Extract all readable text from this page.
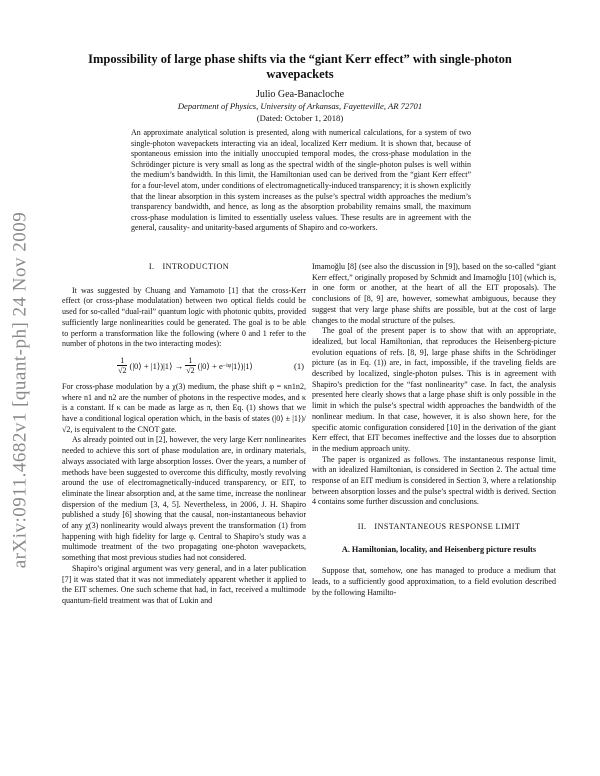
arXiv:0911.4682v1 [quant-ph] 24 Nov 2009
Impossibility of large phase shifts via the “giant Kerr effect” with single-photon wavepackets
Julio Gea-Banacloche
Department of Physics, University of Arkansas, Fayetteville, AR 72701
(Dated: October 1, 2018)

An approximate analytical solution is presented, along with numerical calculations, for a system of two single-photon wavepackets interacting via an ideal, localized Kerr medium. It is shown that, because of spontaneous emission into the initially unoccupied temporal modes, the cross-phase modulation in the Schrödinger picture is very small as long as the spectral width of the single-photon pulses is well within the medium’s bandwidth. In this limit, the Hamiltonian used can be derived from the “giant Kerr effect” for a four-level atom, under conditions of electromagnetically-induced transparency; it is shown explicitly that the linear absorption in this system increases as the pulse’s spectral width approaches the medium’s transparency bandwidth, and hence, as long as the absorption probability remains small, the maximum cross-phase modulation is limited to essentially useless values. These results are in agreement with the general, causality- and unitarity-based arguments of Shapiro and co-workers.

I. INTRODUCTION

It was suggested by Chuang and Yamamoto [1] that the cross-Kerr effect (or cross-phase modulatation) between two optical fields could be used for so-called “dual-rail” quantum logic with photonic qubits, provided sufficiently large nonlinearities could be generated. The goal is to be able to perform a transformation like the following (where 0 and 1 refer to the number of photons in the two interacting modes):

$\frac{1}{√2}$ (|0⟩ + |1⟩)|1⟩ → $\frac{1}{√2}$ (|0⟩ + e −iφ |1⟩)|1⟩	(1)

For cross-phase modulation by a χ(3) medium, the phase shift φ = κn1n2, where n1 and n2 are the number of photons in the respective modes, and κ is a constant. If κ can be made as large as π, then Eq. (1) shows that we have a conditional logical operation which, in the basis of states (|0⟩ ± |1⟩)/√2, is equivalent to the CNOT gate.

As already pointed out in [2], however, the very large Kerr nonlinearites needed to achieve this sort of phase modulation are, in ordinary materials, always associated with large absorption losses. Over the years, a number of methods have been suggested to overcome this difficulty, mostly revolving around the use of electromagnetically-induced transparency, or EIT, to eliminate the linear absorption and, at the same time, increase the nonlinear dispersion of the medium [3, 4, 5]. Nevertheless, in 2006, J. H. Shapiro published a study [6] showing that the causal, non-instantaneous behavior of any χ(3) nonlinearity would always prevent the transformation (1) from happening with high fidelity for large φ. Central to Shapiro’s study was a multimode treatment of the two propagating one-photon wavepackets, something that most previous studies had not considered.

Shapiro’s original argument was very general, and in a later publication [7] it was stated that it was not immediately apparent whether it applied to the EIT schemes. One such scheme that had, in fact, received a multimode quantum-field treatment was that of Lukin and

Imamoğlu [8] (see also the discussion in [9]), based on the so-called “giant Kerr effect,” originally proposed by Schmidt and Imamoğlu [10] (which is, in one form or another, at the heart of all the EIT proposals). The conclusions of [8, 9] are, however, somewhat ambiguous, because they suggest that very large phase shifts are possible, but at the cost of large changes to the modal structure of the pulses.

The goal of the present paper is to show that with an appropriate, idealized, but local Hamiltonian, that reproduces the Heisenberg-picture evolution equations of refs. [8, 9], large phase shifts in the Schrödinger picture (as in Eq. (1)) are, in fact, impossible, if the traveling fields are described by localized, single-photon pulses. This is in agreement with Shapiro’s prediction for the “fast nonlinearity” case. In fact, the analysis presented here clearly shows that a large phase shift is only possible in the limit in which the pulse’s spectral width approaches the bandwidth of the nonlinear medium. In that case, however, it is also shown here, for the specific atomic configuration considered [10] in the derivation of the giant Kerr effect, that EIT becomes ineffective and the losses due to absorption in the medium approach unity.

The paper is organized as follows. The instantaneous response limit, with an idealized Hamiltonian, is considered in Section 2. The actual time response of an EIT medium is considered in Section 3, where a relationship between absorption losses and the pulse’s spectral width is derived. Section 4 contains some further discussion and conclusions.

II. INSTANTANEOUS RESPONSE LIMIT

A. Hamiltonian, locality, and Heisenberg picture results

Suppose that, somehow, one has managed to produce a medium that leads, to a sufficiently good approximation, to a field evolution described by the following Hamilto-
